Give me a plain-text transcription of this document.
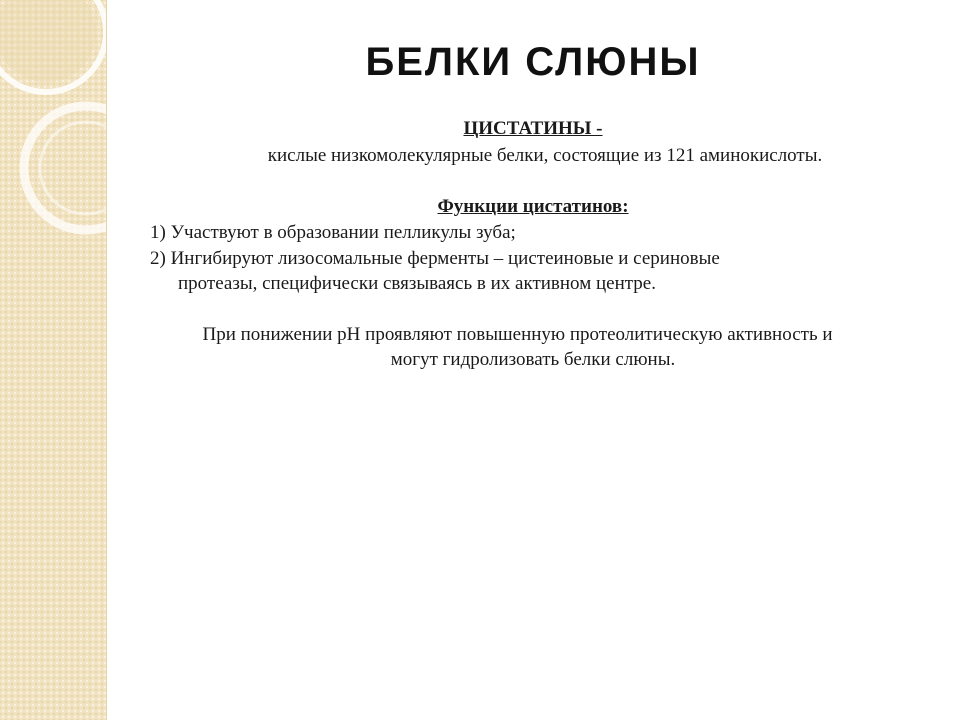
БЕЛКИ СЛЮНЫ

ЦИСТАТИНЫ -

кислые низкомолекулярные белки, состоящие из 121 аминокислоты.

Функции цистатинов:

1) Участвуют в образовании пелликулы зуба;

2) Ингибируют лизосомальные ферменты – цистеиновые и сериновые

протеазы, специфически связываясь в их активном центре.

При понижении рН проявляют повышенную протеолитическую активность и

могут гидролизовать белки слюны.
